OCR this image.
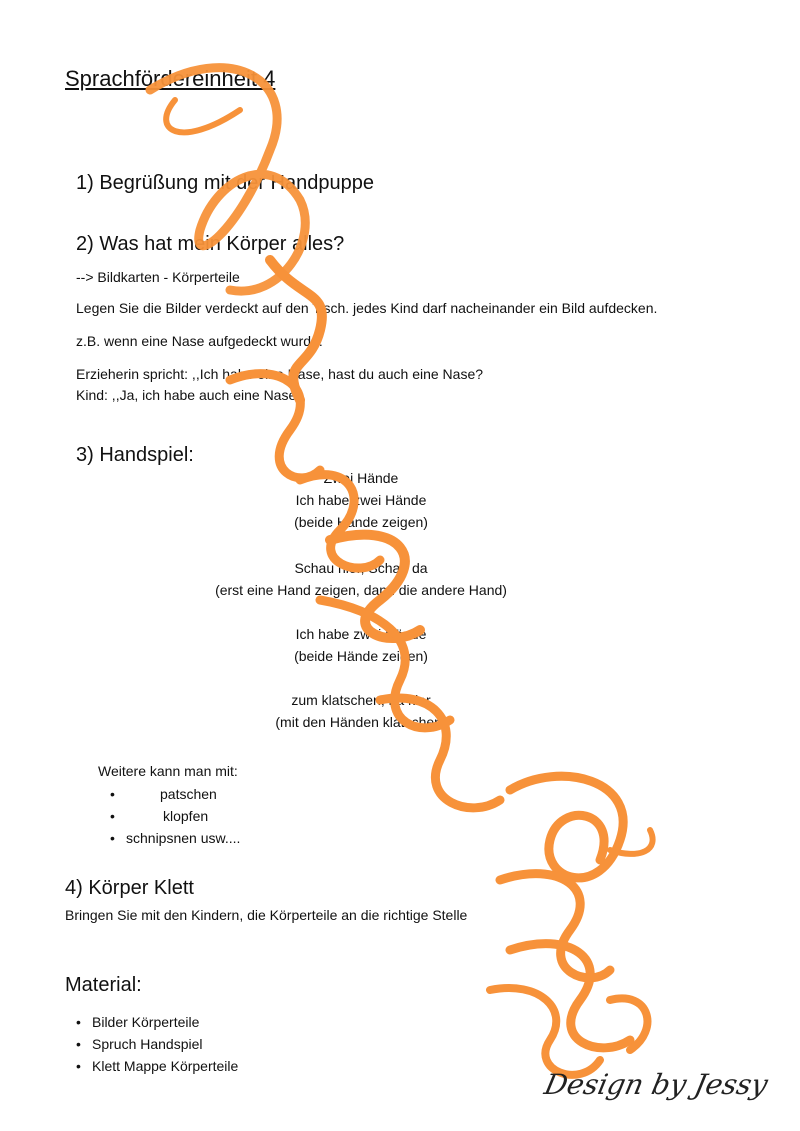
Sprachfördereinheit 4
1) Begrüßung mit der Handpuppe
2) Was hat mein Körper alles?
--> Bildkarten - Körperteile
Legen Sie die Bilder verdeckt auf den Tisch. jedes Kind darf nacheinander ein Bild aufdecken.
z.B. wenn eine Nase aufgedeckt wurde:
Erzieherin spricht: ,,Ich habe eine Nase, hast du auch eine Nase?
Kind: ,,Ja, ich habe auch eine Nase!
3) Handspiel:
Zwei Hände
Ich habe zwei Hände
(beide Hände zeigen)
Schau hier, Schau da
(erst eine Hand zeigen, dann die andere Hand)
Ich habe zwei Hände
(beide Hände zeigen)
zum klatschen, na klar
(mit den Händen klatschen)
Weitere kann man mit:
•	patschen
•	klopfen
• schnipsnen usw....
4) Körper Klett
Bringen Sie mit den Kindern, die Körperteile an die richtige Stelle
Material:
• Bilder Körperteile
• Spruch Handspiel
• Klett Mappe Körperteile
Design by Jessy
